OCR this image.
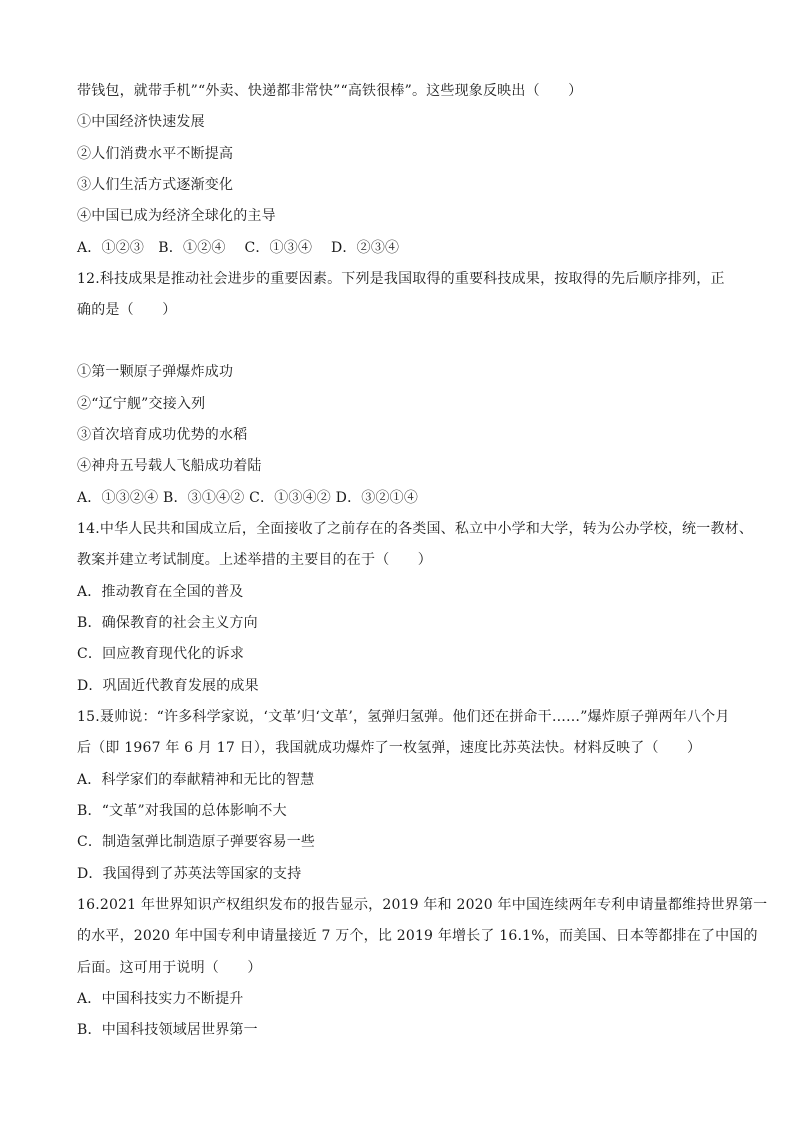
带钱包，就带手机”“外卖、快递都非常快”“高铁很棒”。这些现象反映出（　　）
①中国经济快速发展
②人们消费水平不断提高
③人们生活方式逐渐变化
④中国已成为经济全球化的主导
A．①②③　B．①②④　 C．①③④　 D．②③④
12.科技成果是推动社会进步的重要因素。下列是我国取得的重要科技成果，按取得的先后顺序排列，正
确的是（　　）
①第一颗原子弹爆炸成功
②“辽宁舰”交接入列
③首次培育成功优势的水稻
④神舟五号载人飞船成功着陆
A．①③②④ B．③①④② C．①③④② D．③②①④
14.中华人民共和国成立后，全面接收了之前存在的各类国、私立中小学和大学，转为公办学校，统一教材、
教案并建立考试制度。上述举措的主要目的在于（　　）
A．推动教育在全国的普及
B．确保教育的社会主义方向
C．回应教育现代化的诉求
D．巩固近代教育发展的成果
15.聂帅说：“许多科学家说，‘文革’归‘文革’，氢弹归氢弹。他们还在拼命干……”爆炸原子弹两年八个月
后（即 1967 年 6 月 17 日），我国就成功爆炸了一枚氢弹，速度比苏英法快。材料反映了（　　）
A．科学家们的奉献精神和无比的智慧
B．“文革”对我国的总体影响不大
C．制造氢弹比制造原子弹要容易一些
D．我国得到了苏英法等国家的支持
16.2021 年世界知识产权组织发布的报告显示，2019 年和 2020 年中国连续两年专利申请量都维持世界第一
的水平，2020 年中国专利申请量接近 7 万个，比 2019 年增长了 16.1%，而美国、日本等都排在了中国的
后面。这可用于说明（　　）
A．中国科技实力不断提升
B．中国科技领域居世界第一
